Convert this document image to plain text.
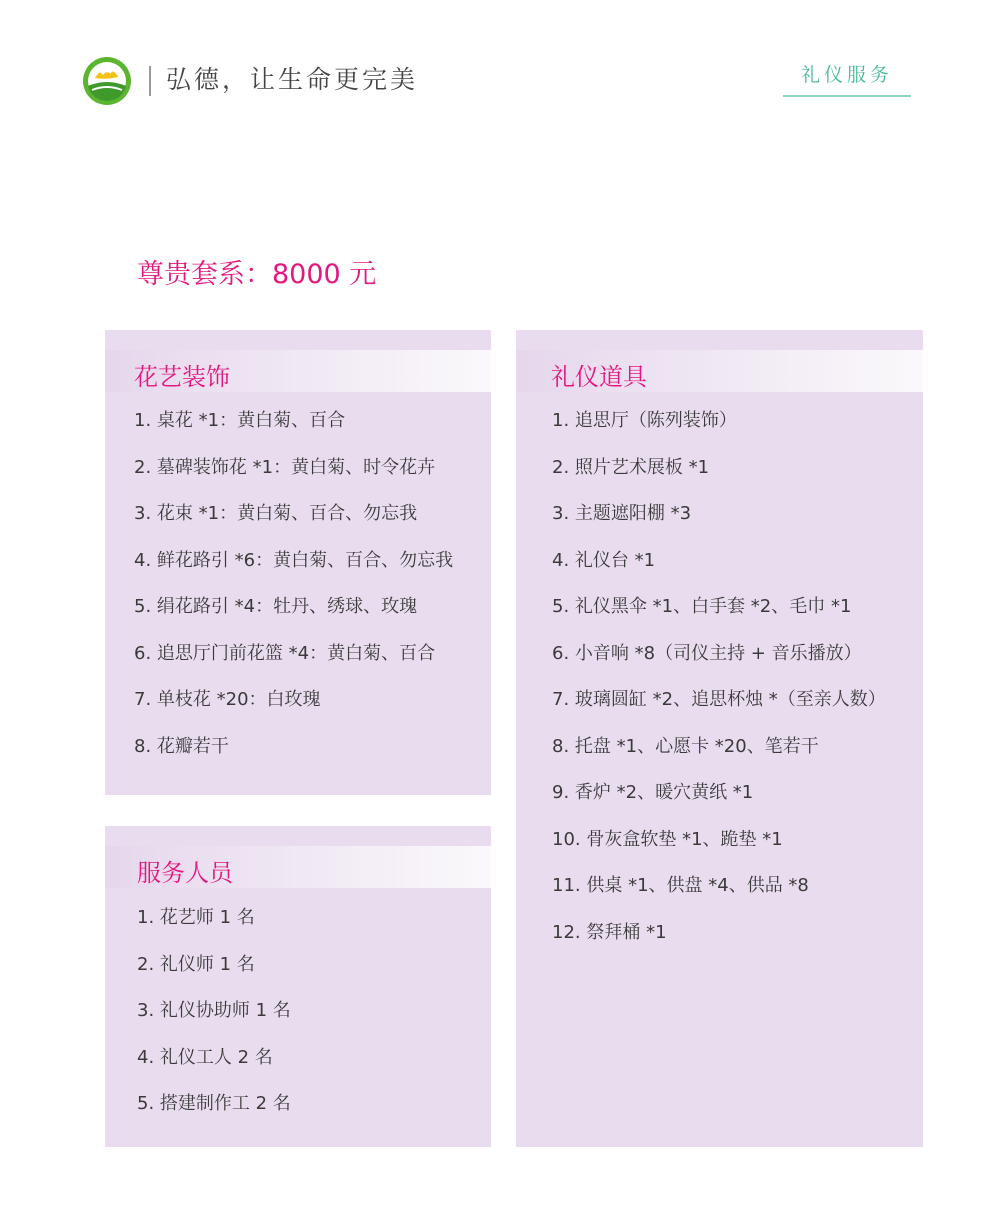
弘德，让生命更完美	礼仪服务
尊贵套系：8000 元
花艺装饰
1. 桌花 *1：黄白菊、百合
2. 墓碑装饰花 *1：黄白菊、时令花卉
3. 花束 *1：黄白菊、百合、勿忘我
4. 鲜花路引 *6：黄白菊、百合、勿忘我
5. 绢花路引 *4：牡丹、绣球、玫瑰
6. 追思厅门前花篮 *4：黄白菊、百合
7. 单枝花 *20：白玫瑰
8. 花瓣若干
服务人员
1. 花艺师 1 名
2. 礼仪师 1 名
3. 礼仪协助师 1 名
4. 礼仪工人 2 名
5. 搭建制作工 2 名
礼仪道具
1. 追思厅（陈列装饰）
2. 照片艺术展板 *1
3. 主题遮阳棚 *3
4. 礼仪台 *1
5. 礼仪黑伞 *1、白手套 *2、毛巾 *1
6. 小音响 *8（司仪主持 + 音乐播放）
7. 玻璃圆缸 *2、追思杯烛 *（至亲人数）
8. 托盘 *1、心愿卡 *20、笔若干
9. 香炉 *2、暖穴黄纸 *1
10. 骨灰盒软垫 *1、跪垫 *1
11. 供桌 *1、供盘 *4、供品 *8
12. 祭拜桶 *1
